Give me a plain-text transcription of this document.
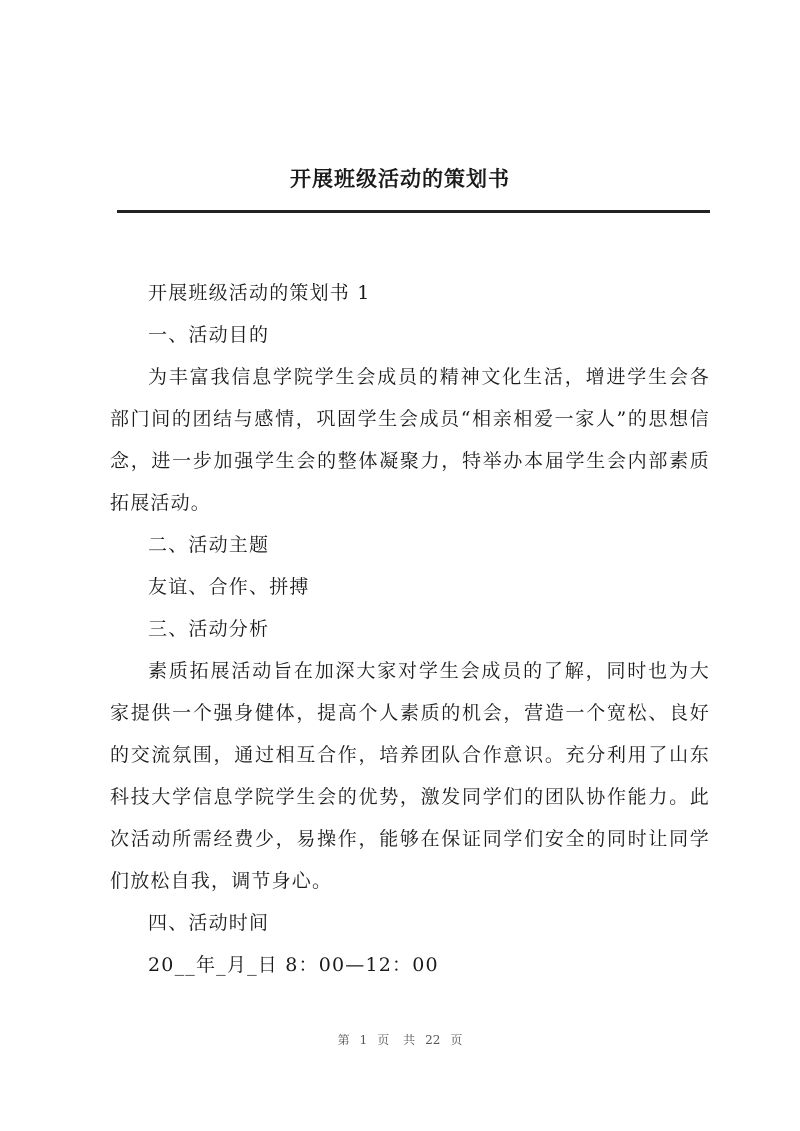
开展班级活动的策划书

开展班级活动的策划书 1

一、活动目的

为丰富我信息学院学生会成员的精神文化生活，增进学生会各部门间的团结与感情，巩固学生会成员“相亲相爱一家人”的思想信念，进一步加强学生会的整体凝聚力，特举办本届学生会内部素质拓展活动。

二、活动主题

友谊、合作、拼搏

三、活动分析

素质拓展活动旨在加深大家对学生会成员的了解，同时也为大家提供一个强身健体，提高个人素质的机会，营造一个宽松、良好的交流氛围，通过相互合作，培养团队合作意识。充分利用了山东科技大学信息学院学生会的优势，激发同学们的团队协作能力。此次活动所需经费少，易操作，能够在保证同学们安全的同时让同学们放松自我，调节身心。

四、活动时间

20__年_月_日 8：00—12：00

第 1 页 共 22 页
